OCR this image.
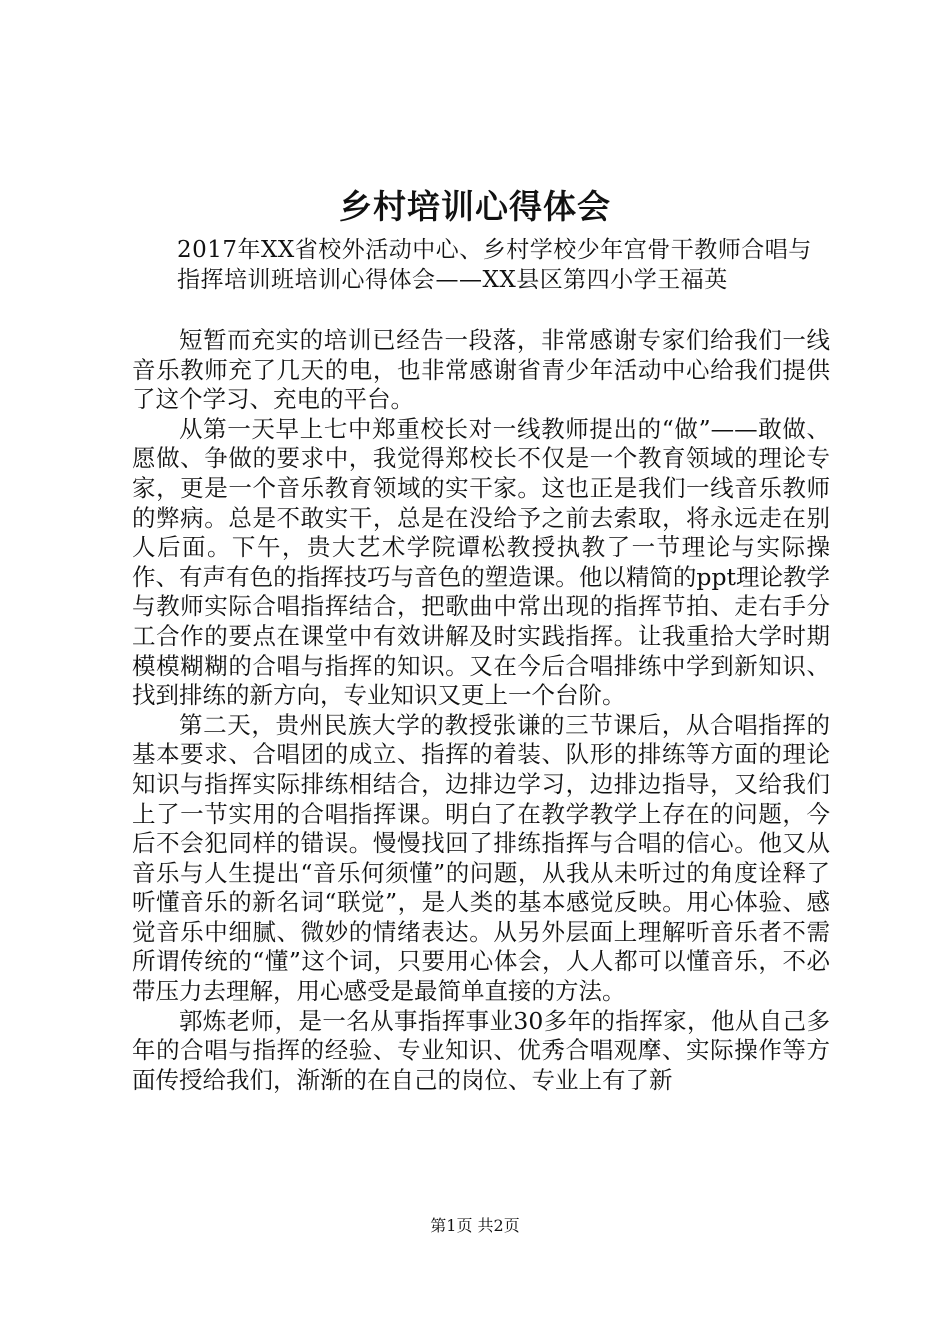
乡村培训心得体会
2017年XX省校外活动中心、乡村学校少年宫骨干教师合唱与指挥培训班培训心得体会——XX县区第四小学王福英

短暂而充实的培训已经告一段落，非常感谢专家们给我们一线音乐教师充了几天的电，也非常感谢省青少年活动中心给我们提供了这个学习、充电的平台。

从第一天早上七中郑重校长对一线教师提出的“做”——敢做、愿做、争做的要求中，我觉得郑校长不仅是一个教育领域的理论专家，更是一个音乐教育领域的实干家。这也正是我们一线音乐教师的弊病。总是不敢实干，总是在没给予之前去索取，将永远走在别人后面。下午，贵大艺术学院谭松教授执教了一节理论与实际操作、有声有色的指挥技巧与音色的塑造课。他以精简的ppt理论教学与教师实际合唱指挥结合，把歌曲中常出现的指挥节拍、走右手分工合作的要点在课堂中有效讲解及时实践指挥。让我重拾大学时期模模糊糊的合唱与指挥的知识。又在今后合唱排练中学到新知识、找到排练的新方向，专业知识又更上一个台阶。

第二天，贵州民族大学的教授张谦的三节课后，从合唱指挥的基本要求、合唱团的成立、指挥的着装、队形的排练等方面的理论知识与指挥实际排练相结合，边排边学习，边排边指导，又给我们上了一节实用的合唱指挥课。明白了在教学教学上存在的问题，今后不会犯同样的错误。慢慢找回了排练指挥与合唱的信心。他又从音乐与人生提出“音乐何须懂”的问题，从我从未听过的角度诠释了听懂音乐的新名词“联觉”，是人类的基本感觉反映。用心体验、感觉音乐中细腻、微妙的情绪表达。从另外层面上理解听音乐者不需所谓传统的“懂”这个词，只要用心体会，人人都可以懂音乐，不必带压力去理解，用心感受是最简单直接的方法。

郭炼老师，是一名从事指挥事业30多年的指挥家，他从自己多年的合唱与指挥的经验、专业知识、优秀合唱观摩、实际操作等方面传授给我们，渐渐的在自己的岗位、专业上有了新

第1页 共2页
